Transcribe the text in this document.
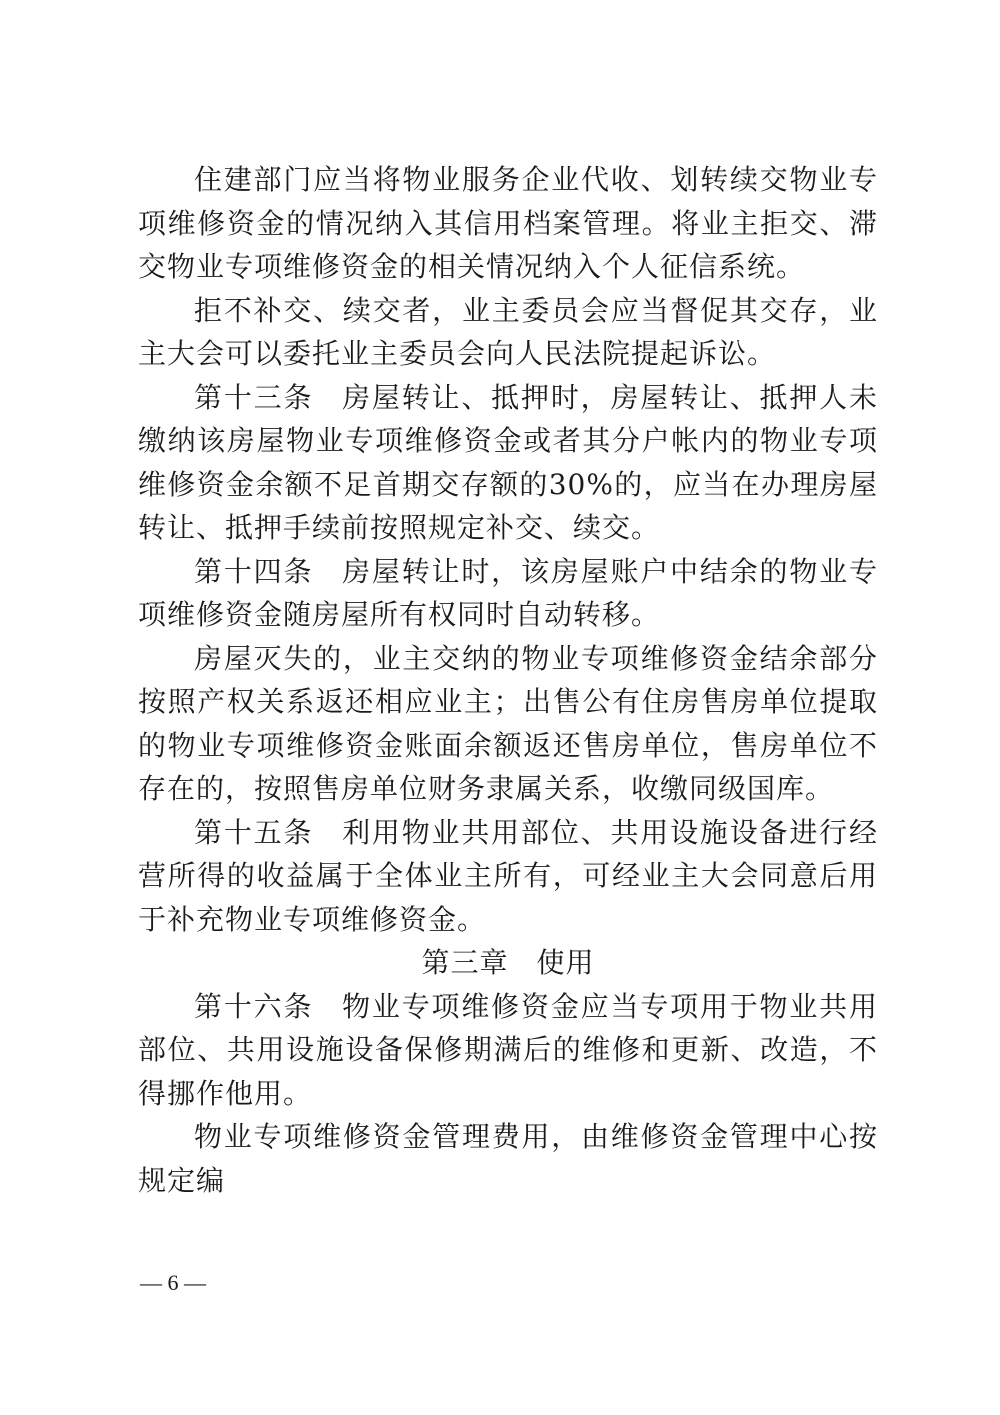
住建部门应当将物业服务企业代收、划转续交物业专项维修资金的情况纳入其信用档案管理。将业主拒交、滞交物业专项维修资金的相关情况纳入个人征信系统。

拒不补交、续交者，业主委员会应当督促其交存，业主大会可以委托业主委员会向人民法院提起诉讼。

第十三条 房屋转让、抵押时，房屋转让、抵押人未缴纳该房屋物业专项维修资金或者其分户帐内的物业专项维修资金余额不足首期交存额的30%的，应当在办理房屋转让、抵押手续前按照规定补交、续交。

第十四条 房屋转让时，该房屋账户中结余的物业专项维修资金随房屋所有权同时自动转移。

房屋灭失的，业主交纳的物业专项维修资金结余部分按照产权关系返还相应业主；出售公有住房售房单位提取的物业专项维修资金账面余额返还售房单位，售房单位不存在的，按照售房单位财务隶属关系，收缴同级国库。

第十五条 利用物业共用部位、共用设施设备进行经营所得的收益属于全体业主所有，可经业主大会同意后用于补充物业专项维修资金。

第三章 使用

第十六条 物业专项维修资金应当专项用于物业共用部位、共用设施设备保修期满后的维修和更新、改造，不得挪作他用。

物业专项维修资金管理费用，由维修资金管理中心按规定编

— 6 —
